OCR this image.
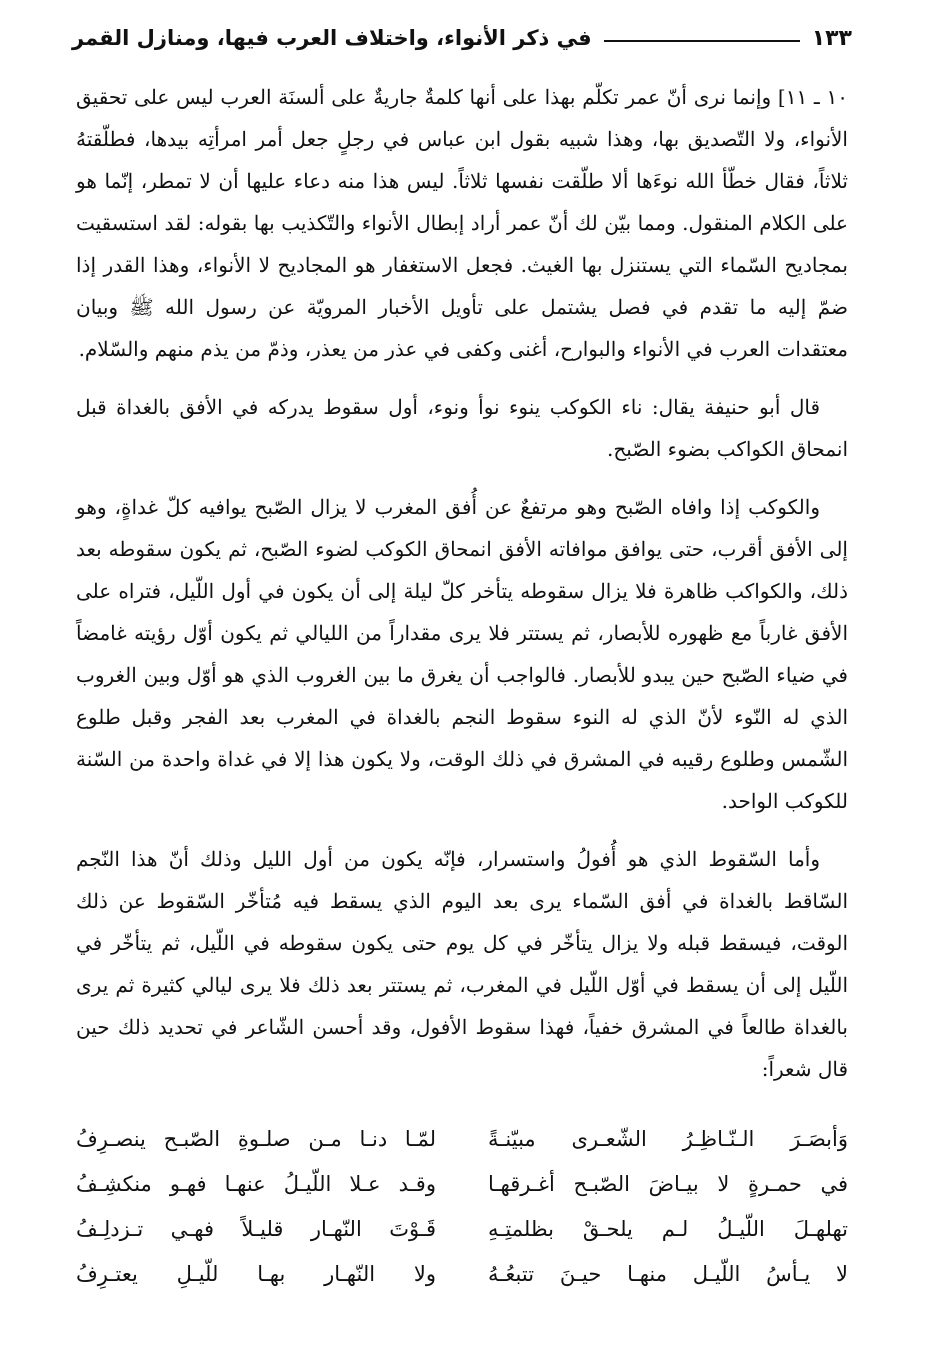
في ذكر الأنواء، واختلاف العرب فيها، ومنازل القمر	١٣٣

١٠ ـ ١١] وإنما نرى أنّ عمر تكلّم بهذا على أنها كلمةٌ جاريةٌ على ألسنَة العرب ليس على تحقيق الأنواء، ولا التّصديق بها، وهذا شبيه بقول ابن عباس في رجلٍ جعل أمر امرأتِه بيدها، فطلّقتهُ ثلاثاً، فقال خطّأ الله نوءَها ألا طلّقت نفسها ثلاثاً. ليس هذا منه دعاء عليها أن لا تمطر، إنّما هو على الكلام المنقول. ومما بيّن لك أنّ عمر أراد إبطال الأنواء والتّكذيب بها بقوله: لقد استسقيت بمجاديح السّماء التي يستنزل بها الغيث. فجعل الاستغفار هو المجاديح لا الأنواء، وهذا القدر إذا ضمّ إليه ما تقدم في فصل يشتمل على تأويل الأخبار المرويّة عن رسول الله ﷺ وبيان معتقدات العرب في الأنواء والبوارح، أغنى وكفى في عذر من يعذر، وذمّ من يذم منهم والسّلام.

قال أبو حنيفة يقال: ناء الكوكب ينوء نوأ ونوء، أول سقوط يدركه في الأفق بالغداة قبل انمحاق الكواكب بضوء الصّبح.

والكوكب إذا وافاه الصّبح وهو مرتفعٌ عن أُفق المغرب لا يزال الصّبح يوافيه كلّ غداةٍ، وهو إلى الأفق أقرب، حتى يوافق موافاته الأفق انمحاق الكوكب لضوء الصّبح، ثم يكون سقوطه بعد ذلك، والكواكب ظاهرة فلا يزال سقوطه يتأخر كلّ ليلة إلى أن يكون في أول اللّيل، فتراه على الأفق غارباً مع ظهوره للأبصار، ثم يستتر فلا يرى مقداراً من الليالي ثم يكون أوّل رؤيته غامضاً في ضياء الصّبح حين يبدو للأبصار. فالواجب أن يغرق ما بين الغروب الذي هو أوّل وبين الغروب الذي له النّوء لأنّ الذي له النوء سقوط النجم بالغداة في المغرب بعد الفجر وقبل طلوع الشّمس وطلوع رقيبه في المشرق في ذلك الوقت، ولا يكون هذا إلا في غداة واحدة من السّنة للكوكب الواحد.

وأما السّقوط الذي هو أُفولُ واستسرار، فإنّه يكون من أول الليل وذلك أنّ هذا النّجم السّاقط بالغداة في أفق السّماء يرى بعد اليوم الذي يسقط فيه مُتأخّر السّقوط عن ذلك الوقت، فيسقط قبله ولا يزال يتأخّر في كل يوم حتى يكون سقوطه في اللّيل، ثم يتأخّر في اللّيل إلى أن يسقط في أوّل اللّيل في المغرب، ثم يستتر بعد ذلك فلا يرى ليالي كثيرة ثم يرى بالغداة طالعاً في المشرق خفياً، فهذا سقوط الأفول، وقد أحسن الشّاعر في تحديد ذلك حين قال شعراً:

وَأبصَـرَ الـنّـاظِـرُ الشّعـرى مبيّنـةً
لمّـا دنـا مـن صلـوةِ الصّبـح ينصـرِفُ
في حمـرةٍ لا بيـاضَ الصّبـح أغـرقهـا
وقـد عـلا اللّيـلُ عنهـا فهـو منكشِـفُ
تهلهـلَ اللّيـلُ لـم يلحـقْ بظلمتِـهِ
قَـوْتَ النّهـار قليـلاً فهـي تـزدلِـفُ
لا يـأسُ اللّيـل منهـا حيـنَ تتبعُـهُ
ولا النّهـار بهـا للّيـلِ يعتـرِفُ
